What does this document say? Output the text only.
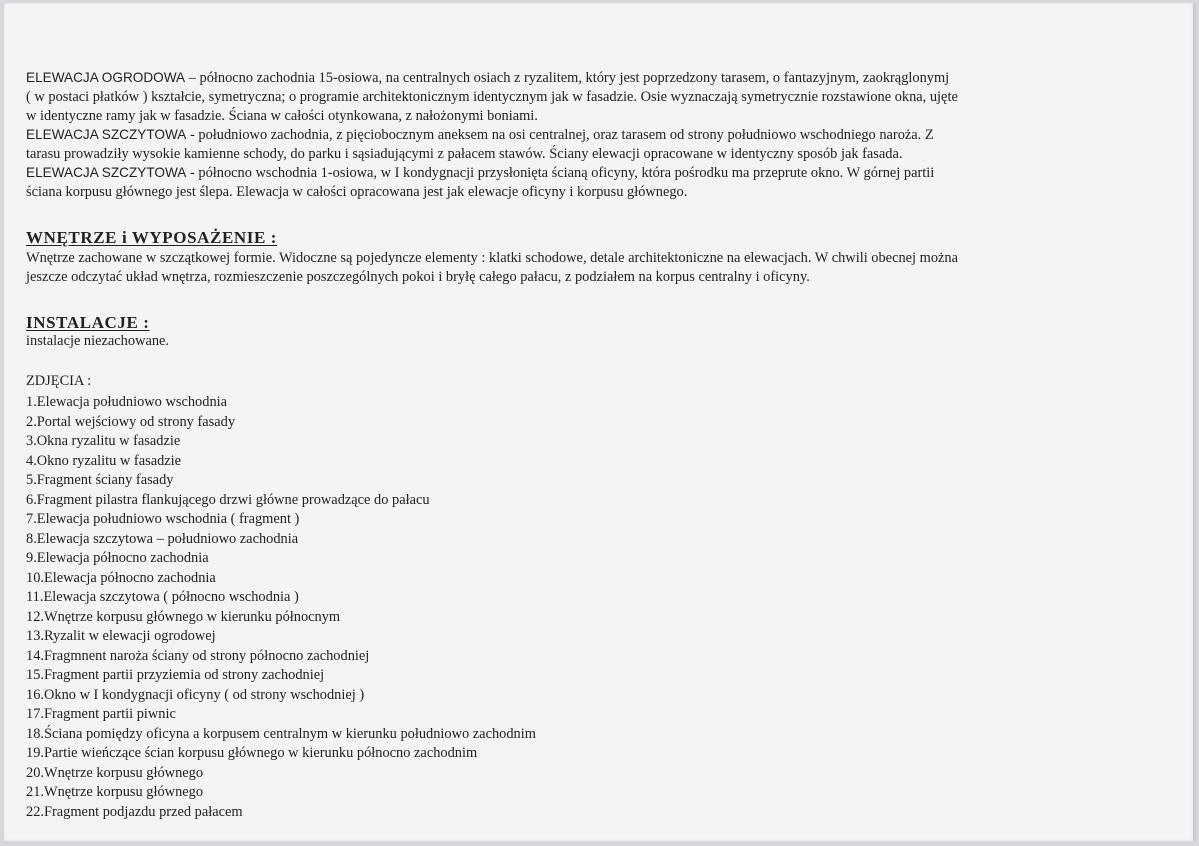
ELEWACJA OGRODOWA – północno zachodnia 15-osiowa, na centralnych osiach z ryzalitem, który jest poprzedzony tarasem, o fantazyjnym, zaokrąglonymj
( w postaci płatków ) kształcie, symetryczna; o programie architektonicznym identycznym jak w fasadzie. Osie wyznaczają symetrycznie rozstawione okna, ujęte
w identyczne ramy jak w fasadzie. Ściana w całości otynkowana, z nałożonymi boniami.

ELEWACJA SZCZYTOWA - południowo zachodnia, z pięciobocznym aneksem na osi centralnej, oraz tarasem od strony południowo wschodniego naroża. Z
tarasu prowadziły wysokie kamienne schody, do parku i sąsiadującymi z pałacem stawów. Ściany elewacji opracowane w identyczny sposób jak fasada.

ELEWACJA SZCZYTOWA - północno wschodnia 1-osiowa, w I kondygnacji przysłonięta ścianą oficyny, która pośrodku ma przeprute okno. W górnej partii
ściana korpusu głównego jest ślepa. Elewacja w całości opracowana jest jak elewacje oficyny i korpusu głównego.

WNĘTRZE i WYPOSAŻENIE :

Wnętrze zachowane w szczątkowej formie. Widoczne są pojedyncze elementy : klatki schodowe, detale architektoniczne na elewacjach. W chwili obecnej można
jeszcze odczytać układ wnętrza, rozmieszczenie poszczególnych pokoi i bryłę całego pałacu, z podziałem na korpus centralny i oficyny.

INSTALACJE :

instalacje niezachowane.

ZDJĘCIA :

1.Elewacja południowo wschodnia
2.Portal wejściowy od strony fasady
3.Okna ryzalitu w fasadzie
4.Okno ryzalitu w fasadzie
5.Fragment ściany fasady
6.Fragment pilastra flankującego drzwi główne prowadzące do pałacu
7.Elewacja południowo wschodnia ( fragment )
8.Elewacja szczytowa – południowo zachodnia
9.Elewacja północno zachodnia
10.Elewacja północno zachodnia
11.Elewacja szczytowa ( północno wschodnia )
12.Wnętrze korpusu głównego w kierunku północnym
13.Ryzalit w elewacji ogrodowej
14.Fragmnent naroża ściany od strony północno zachodniej
15.Fragment partii przyziemia od strony zachodniej
16.Okno w I kondygnacji oficyny ( od strony wschodniej )
17.Fragment partii piwnic
18.Ściana pomiędzy oficyna a korpusem centralnym w kierunku południowo zachodnim
19.Partie wieńczące ścian korpusu głównego w kierunku północno zachodnim
20.Wnętrze korpusu głównego
21.Wnętrze korpusu głównego
22.Fragment podjazdu przed pałacem
